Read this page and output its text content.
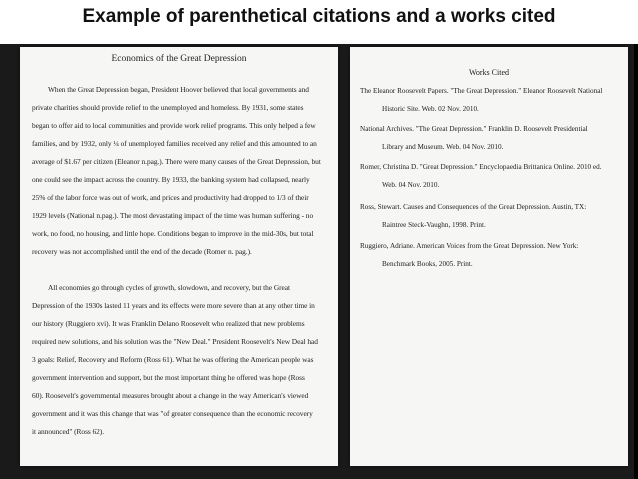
Example of parenthetical citations and a works cited
Economics of the Great Depression
When the Great Depression began, President Hoover believed that local governments and
private charities should provide relief to the unemployed and homeless. By 1931, some states
began to offer aid to local communities and provide work relief programs. This only helped a few
families, and by 1932, only ¼ of unemployed families received any relief and this amounted to an
average of $1.67 per citizen (Eleanor n.pag.). There were many causes of the Great Depression, but
one could see the impact across the country. By 1933, the banking system had collapsed, nearly
25% of the labor force was out of work, and prices and productivity had dropped to 1/3 of their
1929 levels (National n.pag.). The most devastating impact of the time was human suffering - no
work, no food, no housing, and little hope. Conditions began to improve in the mid-30s, but total
recovery was not accomplished until the end of the decade (Romer n. pag.).
All economies go through cycles of growth, slowdown, and recovery, but the Great
Depression of the 1930s lasted 11 years and its effects were more severe than at any other time in
our history (Ruggiero xvi). It was Franklin Delano Roosevelt who realized that new problems
required new solutions, and his solution was the "New Deal." President Roosevelt's New Deal had
3 goals: Relief, Recovery and Reform (Ross 61). What he was offering the American people was
government intervention and support, but the most important thing he offered was hope (Ross
60). Roosevelt's governmental measures brought about a change in the way American's viewed
government and it was this change that was "of greater consequence than the economic recovery
it announced" (Ross 62).
Works Cited
The Eleanor Roosevelt Papers. "The Great Depression." Eleanor Roosevelt National
Historic Site. Web. 02 Nov. 2010.
National Archives. "The Great Depression." Franklin D. Roosevelt Presidential
Library and Museum. Web. 04 Nov. 2010.
Romer, Christina D. "Great Depression." Encyclopaedia Brittanica Online. 2010 ed.
Web. 04 Nov. 2010.
Ross, Stewart. Causes and Consequences of the Great Depression. Austin, TX:
Raintree Steck-Vaughn, 1998. Print.
Ruggiero, Adriane. American Voices from the Great Depression. New York:
Benchmark Books, 2005. Print.
